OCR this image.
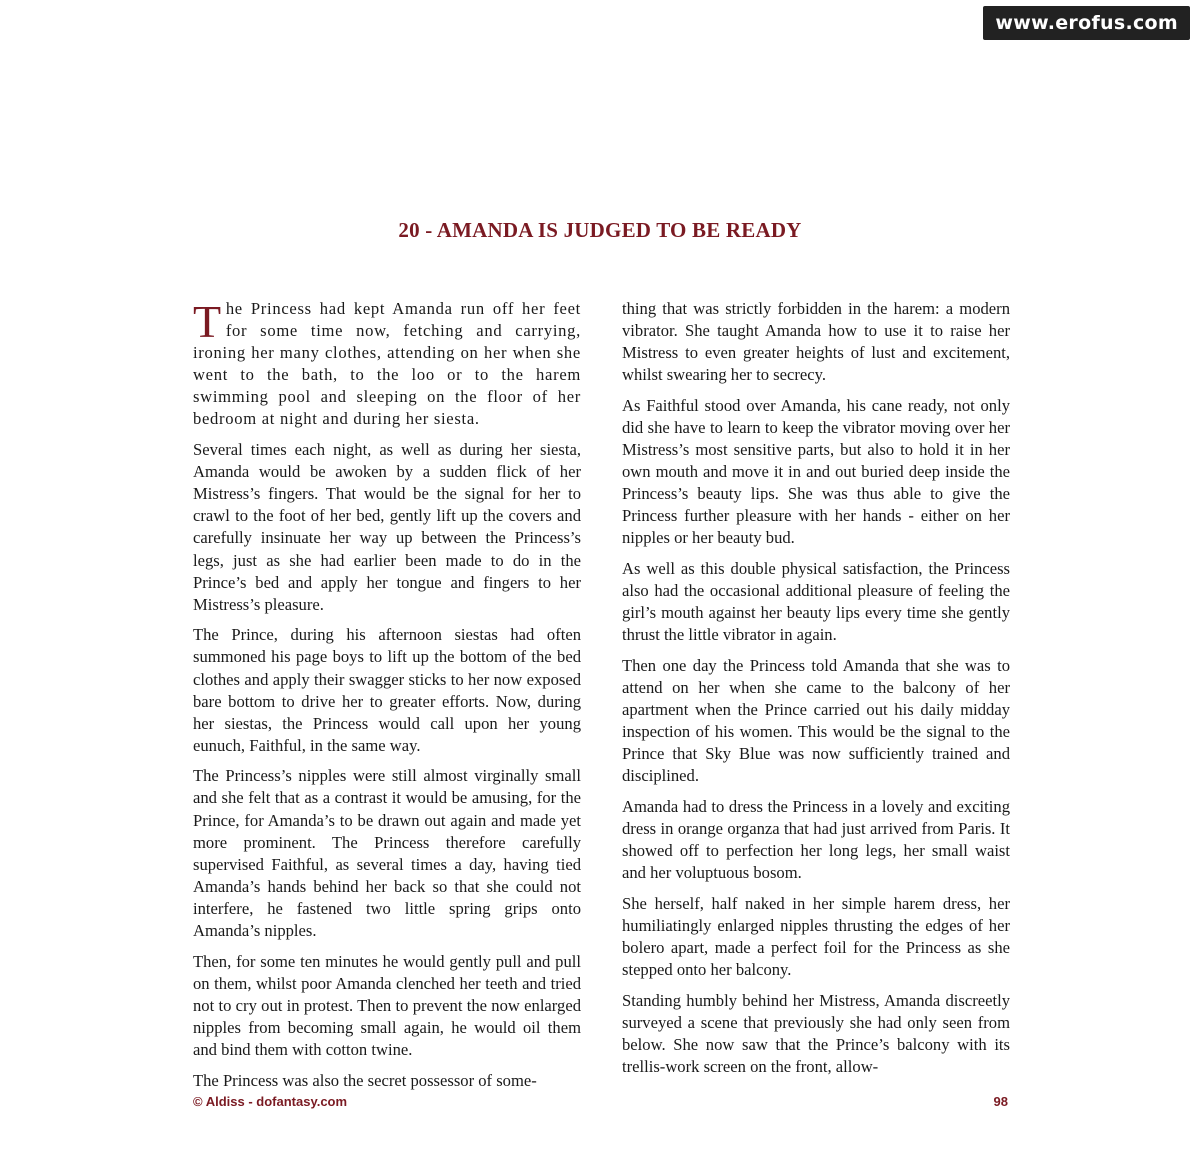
www.erofus.com
20 - AMANDA IS JUDGED TO BE READY

The Princess had kept Amanda run off her feet for some time now, fetching and carrying, ironing her many clothes, attending on her when she went to the bath, to the loo or to the harem swimming pool and sleeping on the floor of her bedroom at night and during her siesta.

Several times each night, as well as during her siesta, Amanda would be awoken by a sudden flick of her Mistress’s fingers. That would be the signal for her to crawl to the foot of her bed, gently lift up the covers and carefully insinuate her way up between the Princess’s legs, just as she had earlier been made to do in the Prince’s bed and apply her tongue and fingers to her Mistress’s pleasure.

The Prince, during his afternoon siestas had often summoned his page boys to lift up the bottom of the bed clothes and apply their swagger sticks to her now exposed bare bottom to drive her to greater efforts. Now, during her siestas, the Princess would call upon her young eunuch, Faithful, in the same way.

The Princess’s nipples were still almost virginally small and she felt that as a contrast it would be amusing, for the Prince, for Amanda’s to be drawn out again and made yet more prominent. The Princess therefore carefully supervised Faithful, as several times a day, having tied Amanda’s hands behind her back so that she could not interfere, he fastened two little spring grips onto Amanda’s nipples.

Then, for some ten minutes he would gently pull and pull on them, whilst poor Amanda clenched her teeth and tried not to cry out in protest. Then to prevent the now enlarged nipples from becoming small again, he would oil them and bind them with cotton twine.

The Princess was also the secret possessor of some-

thing that was strictly forbidden in the harem: a modern vibrator. She taught Amanda how to use it to raise her Mistress to even greater heights of lust and excitement, whilst swearing her to secrecy.

As Faithful stood over Amanda, his cane ready, not only did she have to learn to keep the vibrator moving over her Mistress’s most sensitive parts, but also to hold it in her own mouth and move it in and out buried deep inside the Princess’s beauty lips. She was thus able to give the Princess further pleasure with her hands - either on her nipples or her beauty bud.

As well as this double physical satisfaction, the Princess also had the occasional additional pleasure of feeling the girl’s mouth against her beauty lips every time she gently thrust the little vibrator in again.

Then one day the Princess told Amanda that she was to attend on her when she came to the balcony of her apartment when the Prince carried out his daily midday inspection of his women. This would be the signal to the Prince that Sky Blue was now sufficiently trained and disciplined.

Amanda had to dress the Princess in a lovely and exciting dress in orange organza that had just arrived from Paris. It showed off to perfection her long legs, her small waist and her voluptuous bosom.

She herself, half naked in her simple harem dress, her humiliatingly enlarged nipples thrusting the edges of her bolero apart, made a perfect foil for the Princess as she stepped onto her balcony.

Standing humbly behind her Mistress, Amanda discreetly surveyed a scene that previously she had only seen from below. She now saw that the Prince’s balcony with its trellis-work screen on the front, allow-

© Aldiss - dofantasy.com	98
